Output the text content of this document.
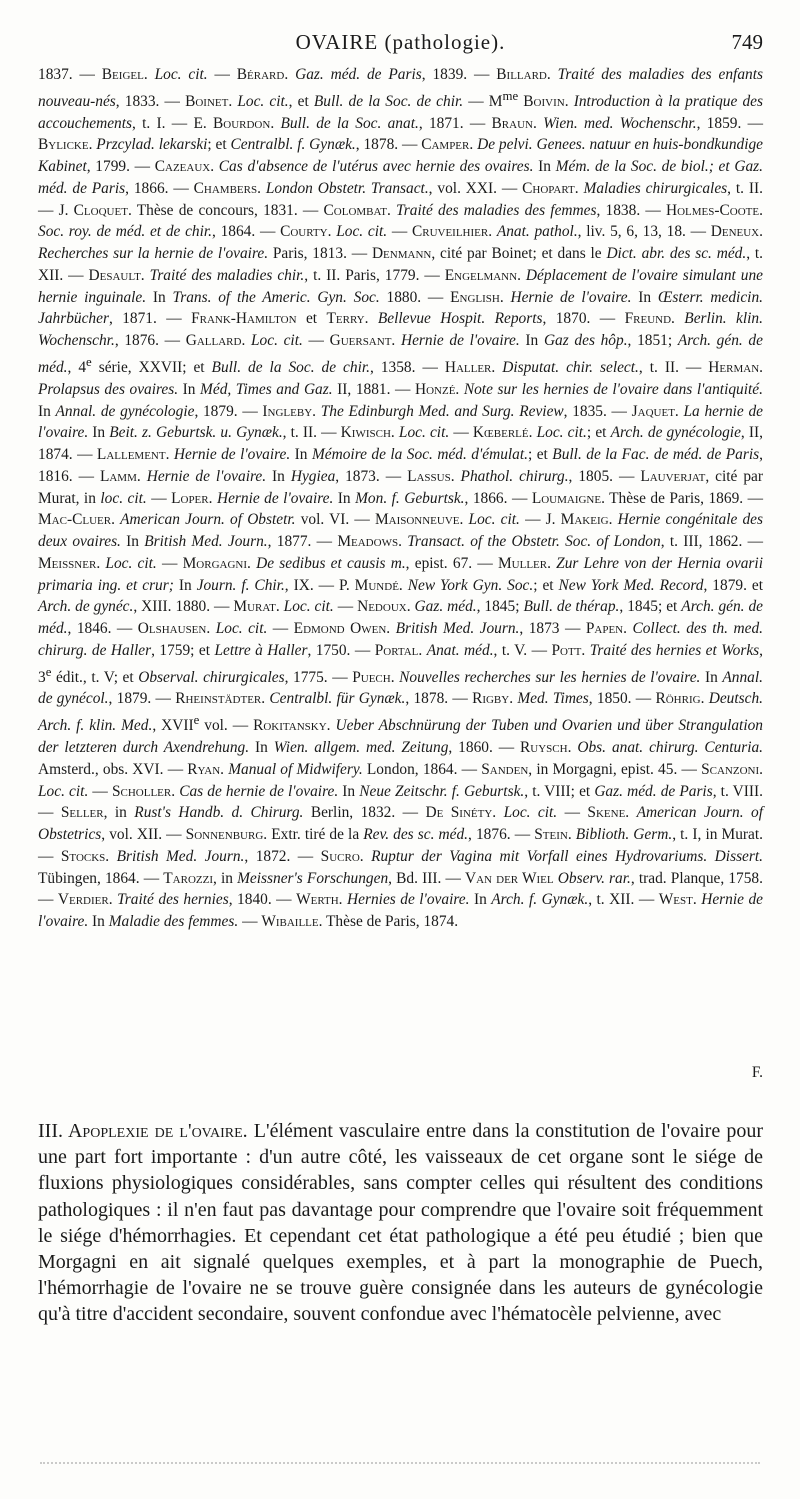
OVAIRE (pathologie).	749
1837. — Beigel. Loc. cit. — Bérard. Gaz. méd. de Paris, 1839. — Billard. Traité des maladies des enfants nouveau-nés, 1833. — Boinet. Loc. cit., et Bull. de la Soc. de chir. — $M^{me}$ Boivin. Introduction à la pratique des accouchements, t. I. — E. Bourdon. Bull. de la Soc. anat., 1871. — Braun. Wien. med. Wochenschr., 1859. — Bylicke. Przcylad. lekarski; et Centralbl. f. Gynæk., 1878. — Camper. De pelvi. Genees. natuur en huis-bondkundige Kabinet, 1799. — Cazeaux. Cas d'absence de l'utérus avec hernie des ovaires. In Mém. de la Soc. de biol.; et Gaz. méd. de Paris, 1866. — Chambers. London Obstetr. Transact., vol. XXI. — Chopart. Maladies chirurgicales, t. II. — J. Cloquet. Thèse de concours, 1831. — Colombat. Traité des maladies des femmes, 1838. — Holmes-Coote. Soc. roy. de méd. et de chir., 1864. — Courty. Loc. cit. — Cruveilhier. Anat. pathol., liv. 5, 6, 13, 18. — Deneux. Recherches sur la hernie de l'ovaire. Paris, 1813. — Denmann, cité par Boinet; et dans le Dict. abr. des sc. méd., t. XII. — Desault. Traité des maladies chir., t. II. Paris, 1779. — Engelmann. Déplacement de l'ovaire simulant une hernie inguinale. In Trans. of the Americ. Gyn. Soc. 1880. — English. Hernie de l'ovaire. In Œsterr. medicin. Jahrbücher, 1871. — Frank-Hamilton et Terry. Bellevue Hospit. Reports, 1870. — Freund. Berlin. klin. Wochenschr., 1876. — Gallard. Loc. cit. — Guersant. Hernie de l'ovaire. In Gaz des hôp., 1851; Arch. gén. de méd., 4e série, XXVII; et Bull. de la Soc. de chir., 1358. — Haller. Disputat. chir. select., t. II. — Herman. Prolapsus des ovaires. In Méd, Times and Gaz. II, 1881. — Honzé. Note sur les hernies de l'ovaire dans l'antiquité. In Annal. de gynécologie, 1879. — Ingleby. The Edinburgh Med. and Surg. Review, 1835. — Jaquet. La hernie de l'ovaire. In Beit. z. Geburtsk. u. Gynæk., t. II. — Kiwisch. Loc. cit. — Kœberlé. Loc. cit.; et Arch. de gynécologie, II, 1874. — Lallement. Hernie de l'ovaire. In Mémoire de la Soc. méd. d'émulat.; et Bull. de la Fac. de méd. de Paris, 1816. — Lamm. Hernie de l'ovaire. In Hygiea, 1873. — Lassus. Phathol. chirurg., 1805. — Lauverjat, cité par Murat, in loc. cit. — Loper. Hernie de l'ovaire. In Mon. f. Geburtsk., 1866. — Loumaigne. Thèse de Paris, 1869. — Mac-Cluer. American Journ. of Obstetr. vol. VI. — Maisonneuve. Loc. cit. — J. Makeig. Hernie congénitale des deux ovaires. In British Med. Journ., 1877. — Meadows. Transact. of the Obstetr. Soc. of London, t. III, 1862. — Meissner. Loc. cit. — Morgagni. De sedibus et causis m., epist. 67. — Muller. Zur Lehre von der Hernia ovarii primaria ing. et crur; In Journ. f. Chir., IX. — P. Mundé. New York Gyn. Soc.; et New York Med. Record, 1879. et Arch. de gynéc., XIII. 1880. — Murat. Loc. cit. — Nedoux. Gaz. méd., 1845; Bull. de thérap., 1845; et Arch. gén. de méd., 1846. — Olshausen. Loc. cit. — Edmond Owen. British Med. Journ., 1873 — Papen. Collect. des th. med. chirurg. de Haller, 1759; et Lettre à Haller, 1750. — Portal. Anat. méd., t. V. — Pott. Traité des hernies et Works, 3e édit., t. V; et Observal. chirurgicales, 1775. — Puech. Nouvelles recherches sur les hernies de l'ovaire. In Annal. de gynécol., 1879. — Rheinstädter. Centralbl. für Gynæk., 1878. — Rigby. Med. Times, 1850. — Röhrig. Deutsch. Arch. f. klin. Med., XVIIe vol. — Rokitansky. Ueber Abschnürung der Tuben und Ovarien und über Strangulation der letzteren durch Axendrehung. In Wien. allgem. med. Zeitung, 1860. — Ruysch. Obs. anat. chirurg. Centuria. Amsterd., obs. XVI. — Ryan. Manual of Midwifery. London, 1864. — Sanden, in Morgagni, epist. 45. — Scanzoni. Loc. cit. — Scholler. Cas de hernie de l'ovaire. In Neue Zeitschr. f. Geburtsk., t. VIII; et Gaz. méd. de Paris, t. VIII. — Seller, in Rust's Handb. d. Chirurg. Berlin, 1832. — De Sinéty. Loc. cit. — Skene. American Journ. of Obstetrics, vol. XII. — Sonnenburg. Extr. tiré de la Rev. des sc. méd., 1876. — Stein. Biblioth. Germ., t. I, in Murat. — Stocks. British Med. Journ., 1872. — Sucro. Ruptur der Vagina mit Vorfall eines Hydrovariums. Dissert. Tübingen, 1864. — Tarozzi, in Meissner's Forschungen, Bd. III. — Van der Wiel Observ. rar., trad. Planque, 1758. — Verdier. Traité des hernies, 1840. — Werth. Hernies de l'ovaire. In Arch. f. Gynæk., t. XII. — West. Hernie de l'ovaire. In Maladie des femmes. — Wibaille. Thèse de Paris, 1874.
F.
III. Apoplexie de l'ovaire. L'élément vasculaire entre dans la constitution de l'ovaire pour une part fort importante : d'un autre côté, les vaisseaux de cet organe sont le siége de fluxions physiologiques considérables, sans compter celles qui résultent des conditions pathologiques : il n'en faut pas davantage pour comprendre que l'ovaire soit fréquemment le siége d'hémorrhagies. Et cependant cet état pathologique a été peu étudié ; bien que Morgagni en ait signalé quelques exemples, et à part la monographie de Puech, l'hémorrhagie de l'ovaire ne se trouve guère consignée dans les auteurs de gynécologie qu'à titre d'accident secondaire, souvent confondue avec l'hématocèle pelvienne, avec
